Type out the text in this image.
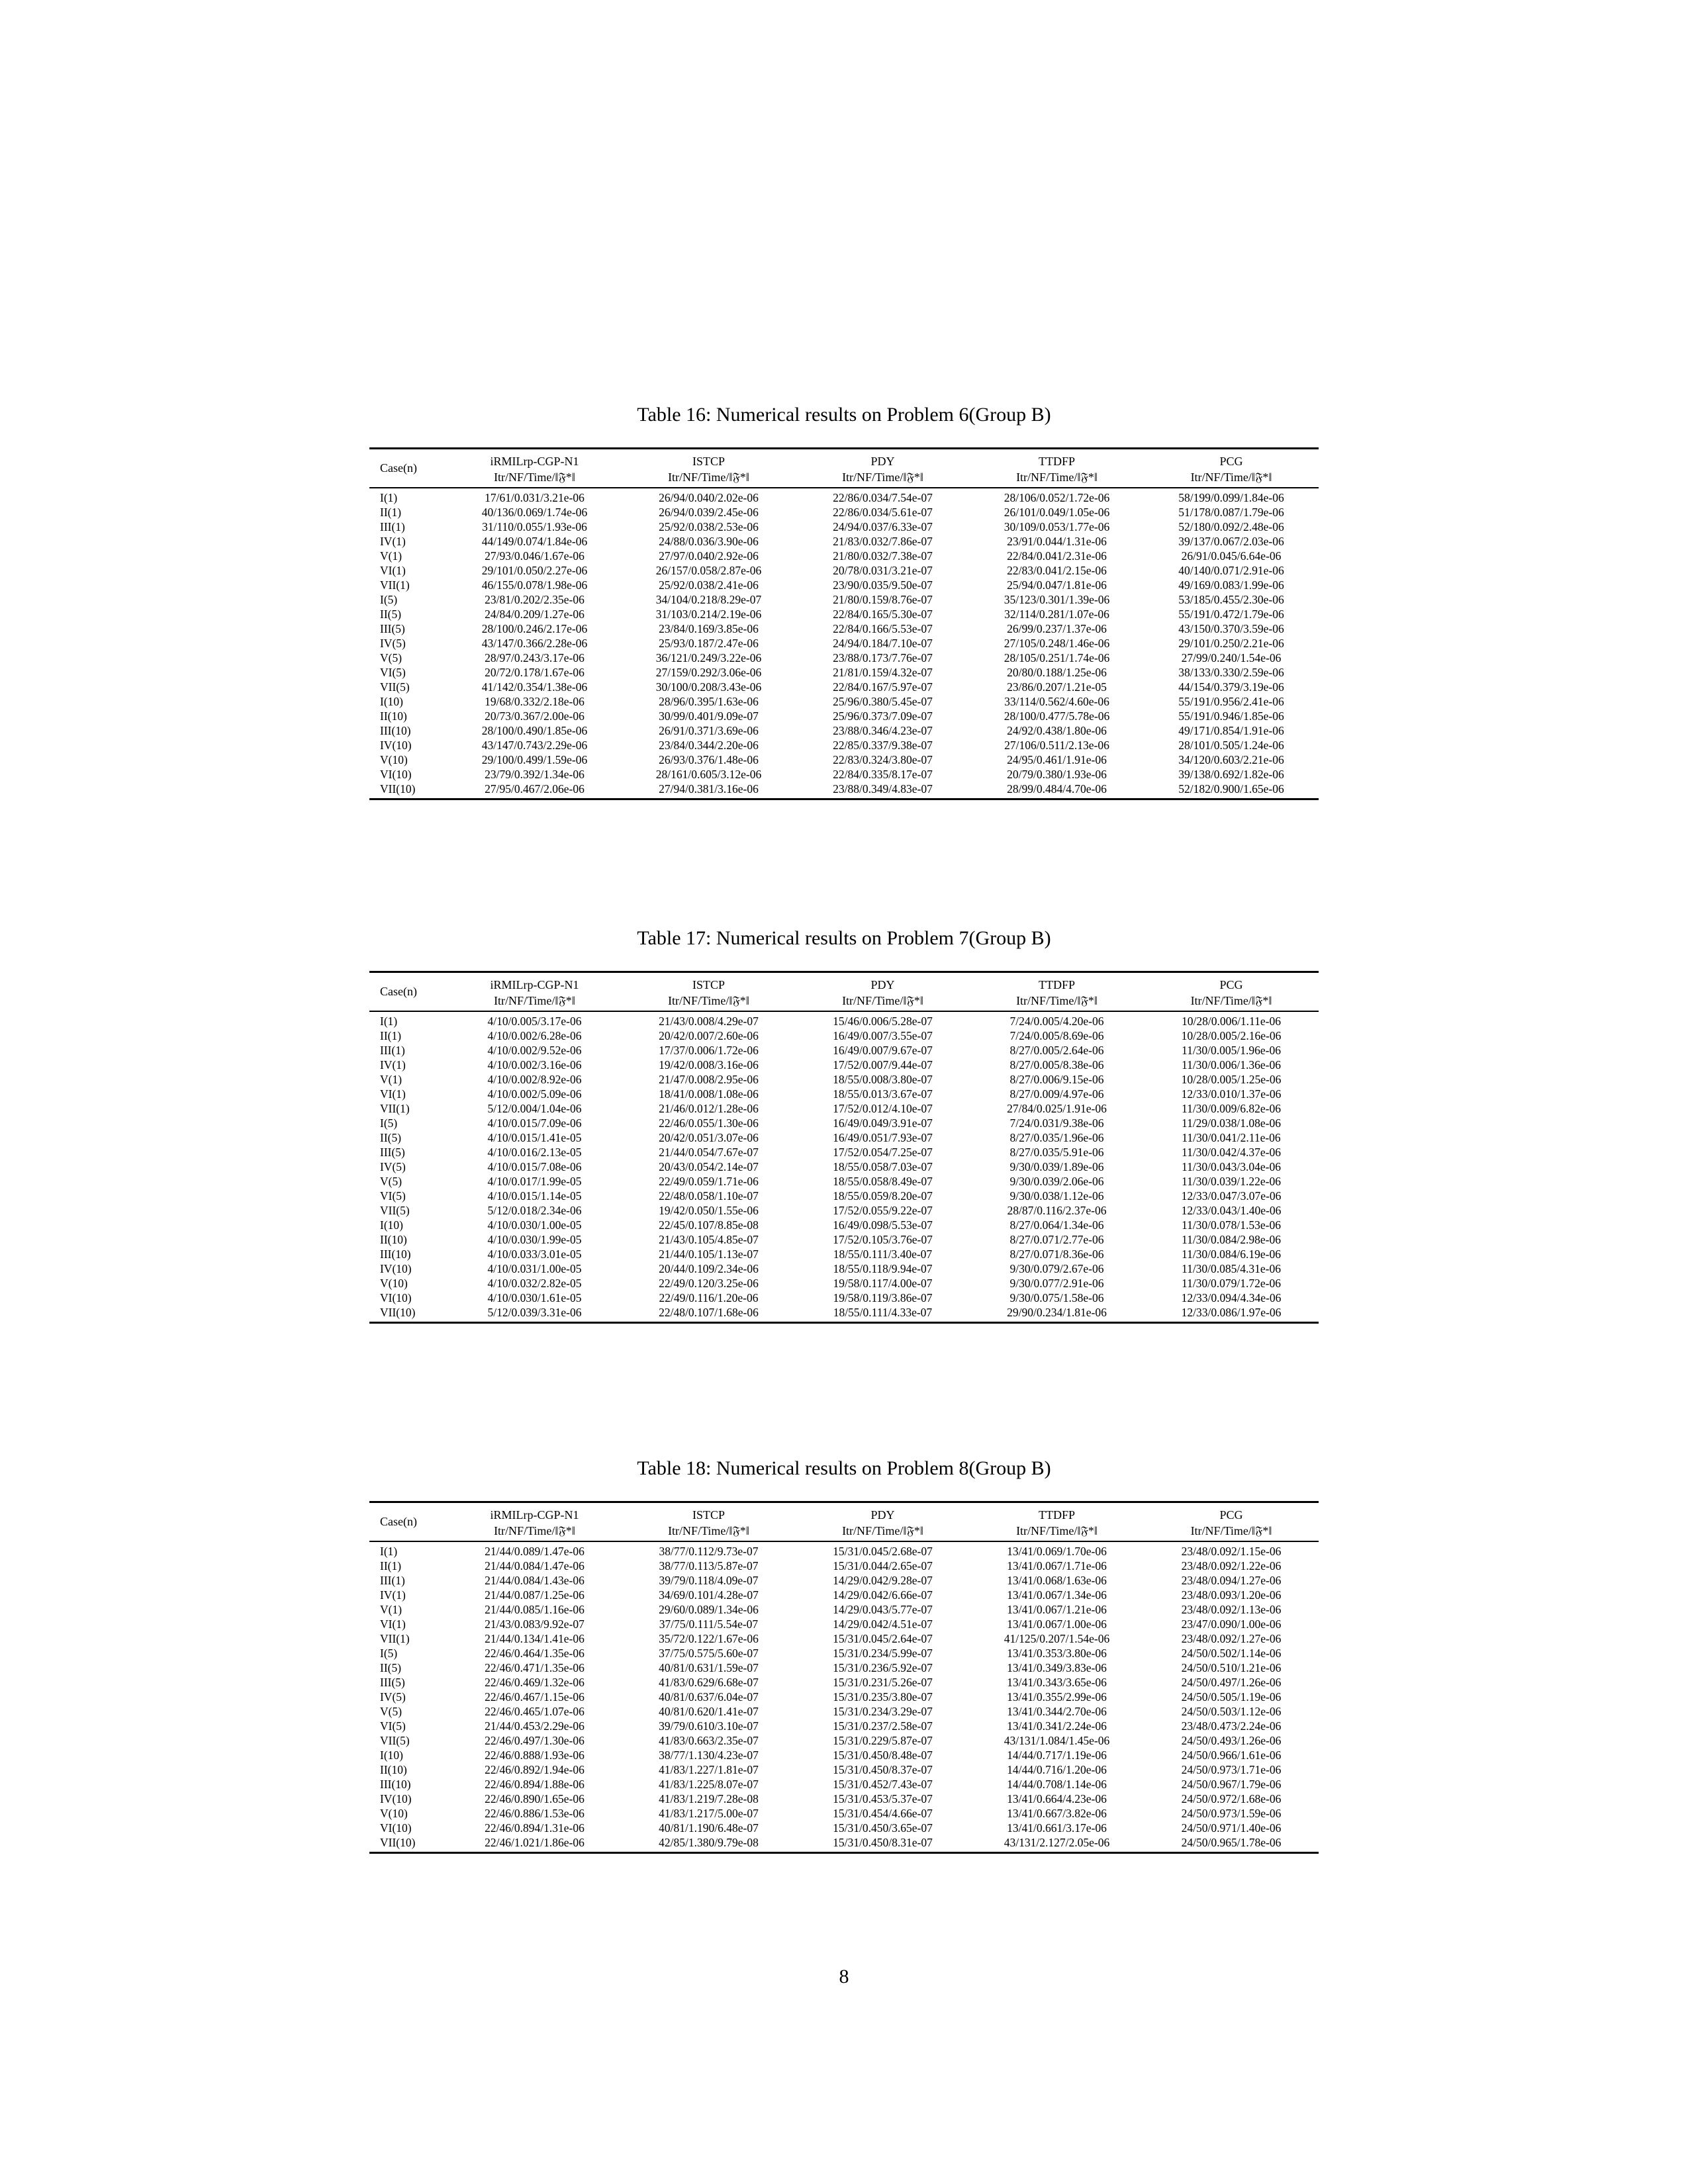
Table 16: Numerical results on Problem 6(Group B)
Case(n)	iRMILrp-CGP-N1	ISTCP	PDY	TTDFP	PCG
	Itr/NF/Time/‖𝔉*‖	Itr/NF/Time/‖𝔉*‖	Itr/NF/Time/‖𝔉*‖	Itr/NF/Time/‖𝔉*‖	Itr/NF/Time/‖𝔉*‖
I(1)	17/61/0.031/3.21e-06	26/94/0.040/2.02e-06	22/86/0.034/7.54e-07	28/106/0.052/1.72e-06	58/199/0.099/1.84e-06
II(1)	40/136/0.069/1.74e-06	26/94/0.039/2.45e-06	22/86/0.034/5.61e-07	26/101/0.049/1.05e-06	51/178/0.087/1.79e-06
III(1)	31/110/0.055/1.93e-06	25/92/0.038/2.53e-06	24/94/0.037/6.33e-07	30/109/0.053/1.77e-06	52/180/0.092/2.48e-06
IV(1)	44/149/0.074/1.84e-06	24/88/0.036/3.90e-06	21/83/0.032/7.86e-07	23/91/0.044/1.31e-06	39/137/0.067/2.03e-06
V(1)	27/93/0.046/1.67e-06	27/97/0.040/2.92e-06	21/80/0.032/7.38e-07	22/84/0.041/2.31e-06	26/91/0.045/6.64e-06
VI(1)	29/101/0.050/2.27e-06	26/157/0.058/2.87e-06	20/78/0.031/3.21e-07	22/83/0.041/2.15e-06	40/140/0.071/2.91e-06
VII(1)	46/155/0.078/1.98e-06	25/92/0.038/2.41e-06	23/90/0.035/9.50e-07	25/94/0.047/1.81e-06	49/169/0.083/1.99e-06
I(5)	23/81/0.202/2.35e-06	34/104/0.218/8.29e-07	21/80/0.159/8.76e-07	35/123/0.301/1.39e-06	53/185/0.455/2.30e-06
II(5)	24/84/0.209/1.27e-06	31/103/0.214/2.19e-06	22/84/0.165/5.30e-07	32/114/0.281/1.07e-06	55/191/0.472/1.79e-06
III(5)	28/100/0.246/2.17e-06	23/84/0.169/3.85e-06	22/84/0.166/5.53e-07	26/99/0.237/1.37e-06	43/150/0.370/3.59e-06
IV(5)	43/147/0.366/2.28e-06	25/93/0.187/2.47e-06	24/94/0.184/7.10e-07	27/105/0.248/1.46e-06	29/101/0.250/2.21e-06
V(5)	28/97/0.243/3.17e-06	36/121/0.249/3.22e-06	23/88/0.173/7.76e-07	28/105/0.251/1.74e-06	27/99/0.240/1.54e-06
VI(5)	20/72/0.178/1.67e-06	27/159/0.292/3.06e-06	21/81/0.159/4.32e-07	20/80/0.188/1.25e-06	38/133/0.330/2.59e-06
VII(5)	41/142/0.354/1.38e-06	30/100/0.208/3.43e-06	22/84/0.167/5.97e-07	23/86/0.207/1.21e-05	44/154/0.379/3.19e-06
I(10)	19/68/0.332/2.18e-06	28/96/0.395/1.63e-06	25/96/0.380/5.45e-07	33/114/0.562/4.60e-06	55/191/0.956/2.41e-06
II(10)	20/73/0.367/2.00e-06	30/99/0.401/9.09e-07	25/96/0.373/7.09e-07	28/100/0.477/5.78e-06	55/191/0.946/1.85e-06
III(10)	28/100/0.490/1.85e-06	26/91/0.371/3.69e-06	23/88/0.346/4.23e-07	24/92/0.438/1.80e-06	49/171/0.854/1.91e-06
IV(10)	43/147/0.743/2.29e-06	23/84/0.344/2.20e-06	22/85/0.337/9.38e-07	27/106/0.511/2.13e-06	28/101/0.505/1.24e-06
V(10)	29/100/0.499/1.59e-06	26/93/0.376/1.48e-06	22/83/0.324/3.80e-07	24/95/0.461/1.91e-06	34/120/0.603/2.21e-06
VI(10)	23/79/0.392/1.34e-06	28/161/0.605/3.12e-06	22/84/0.335/8.17e-07	20/79/0.380/1.93e-06	39/138/0.692/1.82e-06
VII(10)	27/95/0.467/2.06e-06	27/94/0.381/3.16e-06	23/88/0.349/4.83e-07	28/99/0.484/4.70e-06	52/182/0.900/1.65e-06
Table 17: Numerical results on Problem 7(Group B)
Case(n)	iRMILrp-CGP-N1	ISTCP	PDY	TTDFP	PCG
	Itr/NF/Time/‖𝔉*‖	Itr/NF/Time/‖𝔉*‖	Itr/NF/Time/‖𝔉*‖	Itr/NF/Time/‖𝔉*‖	Itr/NF/Time/‖𝔉*‖
I(1)	4/10/0.005/3.17e-06	21/43/0.008/4.29e-07	15/46/0.006/5.28e-07	7/24/0.005/4.20e-06	10/28/0.006/1.11e-06
II(1)	4/10/0.002/6.28e-06	20/42/0.007/2.60e-06	16/49/0.007/3.55e-07	7/24/0.005/8.69e-06	10/28/0.005/2.16e-06
III(1)	4/10/0.002/9.52e-06	17/37/0.006/1.72e-06	16/49/0.007/9.67e-07	8/27/0.005/2.64e-06	11/30/0.005/1.96e-06
IV(1)	4/10/0.002/3.16e-06	19/42/0.008/3.16e-06	17/52/0.007/9.44e-07	8/27/0.005/8.38e-06	11/30/0.006/1.36e-06
V(1)	4/10/0.002/8.92e-06	21/47/0.008/2.95e-06	18/55/0.008/3.80e-07	8/27/0.006/9.15e-06	10/28/0.005/1.25e-06
VI(1)	4/10/0.002/5.09e-06	18/41/0.008/1.08e-06	18/55/0.013/3.67e-07	8/27/0.009/4.97e-06	12/33/0.010/1.37e-06
VII(1)	5/12/0.004/1.04e-06	21/46/0.012/1.28e-06	17/52/0.012/4.10e-07	27/84/0.025/1.91e-06	11/30/0.009/6.82e-06
I(5)	4/10/0.015/7.09e-06	22/46/0.055/1.30e-06	16/49/0.049/3.91e-07	7/24/0.031/9.38e-06	11/29/0.038/1.08e-06
II(5)	4/10/0.015/1.41e-05	20/42/0.051/3.07e-06	16/49/0.051/7.93e-07	8/27/0.035/1.96e-06	11/30/0.041/2.11e-06
III(5)	4/10/0.016/2.13e-05	21/44/0.054/7.67e-07	17/52/0.054/7.25e-07	8/27/0.035/5.91e-06	11/30/0.042/4.37e-06
IV(5)	4/10/0.015/7.08e-06	20/43/0.054/2.14e-07	18/55/0.058/7.03e-07	9/30/0.039/1.89e-06	11/30/0.043/3.04e-06
V(5)	4/10/0.017/1.99e-05	22/49/0.059/1.71e-06	18/55/0.058/8.49e-07	9/30/0.039/2.06e-06	11/30/0.039/1.22e-06
VI(5)	4/10/0.015/1.14e-05	22/48/0.058/1.10e-07	18/55/0.059/8.20e-07	9/30/0.038/1.12e-06	12/33/0.047/3.07e-06
VII(5)	5/12/0.018/2.34e-06	19/42/0.050/1.55e-06	17/52/0.055/9.22e-07	28/87/0.116/2.37e-06	12/33/0.043/1.40e-06
I(10)	4/10/0.030/1.00e-05	22/45/0.107/8.85e-08	16/49/0.098/5.53e-07	8/27/0.064/1.34e-06	11/30/0.078/1.53e-06
II(10)	4/10/0.030/1.99e-05	21/43/0.105/4.85e-07	17/52/0.105/3.76e-07	8/27/0.071/2.77e-06	11/30/0.084/2.98e-06
III(10)	4/10/0.033/3.01e-05	21/44/0.105/1.13e-07	18/55/0.111/3.40e-07	8/27/0.071/8.36e-06	11/30/0.084/6.19e-06
IV(10)	4/10/0.031/1.00e-05	20/44/0.109/2.34e-06	18/55/0.118/9.94e-07	9/30/0.079/2.67e-06	11/30/0.085/4.31e-06
V(10)	4/10/0.032/2.82e-05	22/49/0.120/3.25e-06	19/58/0.117/4.00e-07	9/30/0.077/2.91e-06	11/30/0.079/1.72e-06
VI(10)	4/10/0.030/1.61e-05	22/49/0.116/1.20e-06	19/58/0.119/3.86e-07	9/30/0.075/1.58e-06	12/33/0.094/4.34e-06
VII(10)	5/12/0.039/3.31e-06	22/48/0.107/1.68e-06	18/55/0.111/4.33e-07	29/90/0.234/1.81e-06	12/33/0.086/1.97e-06
Table 18: Numerical results on Problem 8(Group B)
Case(n)	iRMILrp-CGP-N1	ISTCP	PDY	TTDFP	PCG
	Itr/NF/Time/‖𝔉*‖	Itr/NF/Time/‖𝔉*‖	Itr/NF/Time/‖𝔉*‖	Itr/NF/Time/‖𝔉*‖	Itr/NF/Time/‖𝔉*‖
I(1)	21/44/0.089/1.47e-06	38/77/0.112/9.73e-07	15/31/0.045/2.68e-07	13/41/0.069/1.70e-06	23/48/0.092/1.15e-06
II(1)	21/44/0.084/1.47e-06	38/77/0.113/5.87e-07	15/31/0.044/2.65e-07	13/41/0.067/1.71e-06	23/48/0.092/1.22e-06
III(1)	21/44/0.084/1.43e-06	39/79/0.118/4.09e-07	14/29/0.042/9.28e-07	13/41/0.068/1.63e-06	23/48/0.094/1.27e-06
IV(1)	21/44/0.087/1.25e-06	34/69/0.101/4.28e-07	14/29/0.042/6.66e-07	13/41/0.067/1.34e-06	23/48/0.093/1.20e-06
V(1)	21/44/0.085/1.16e-06	29/60/0.089/1.34e-06	14/29/0.043/5.77e-07	13/41/0.067/1.21e-06	23/48/0.092/1.13e-06
VI(1)	21/43/0.083/9.92e-07	37/75/0.111/5.54e-07	14/29/0.042/4.51e-07	13/41/0.067/1.00e-06	23/47/0.090/1.00e-06
VII(1)	21/44/0.134/1.41e-06	35/72/0.122/1.67e-06	15/31/0.045/2.64e-07	41/125/0.207/1.54e-06	23/48/0.092/1.27e-06
I(5)	22/46/0.464/1.35e-06	37/75/0.575/5.60e-07	15/31/0.234/5.99e-07	13/41/0.353/3.80e-06	24/50/0.502/1.14e-06
II(5)	22/46/0.471/1.35e-06	40/81/0.631/1.59e-07	15/31/0.236/5.92e-07	13/41/0.349/3.83e-06	24/50/0.510/1.21e-06
III(5)	22/46/0.469/1.32e-06	41/83/0.629/6.68e-07	15/31/0.231/5.26e-07	13/41/0.343/3.65e-06	24/50/0.497/1.26e-06
IV(5)	22/46/0.467/1.15e-06	40/81/0.637/6.04e-07	15/31/0.235/3.80e-07	13/41/0.355/2.99e-06	24/50/0.505/1.19e-06
V(5)	22/46/0.465/1.07e-06	40/81/0.620/1.41e-07	15/31/0.234/3.29e-07	13/41/0.344/2.70e-06	24/50/0.503/1.12e-06
VI(5)	21/44/0.453/2.29e-06	39/79/0.610/3.10e-07	15/31/0.237/2.58e-07	13/41/0.341/2.24e-06	23/48/0.473/2.24e-06
VII(5)	22/46/0.497/1.30e-06	41/83/0.663/2.35e-07	15/31/0.229/5.87e-07	43/131/1.084/1.45e-06	24/50/0.493/1.26e-06
I(10)	22/46/0.888/1.93e-06	38/77/1.130/4.23e-07	15/31/0.450/8.48e-07	14/44/0.717/1.19e-06	24/50/0.966/1.61e-06
II(10)	22/46/0.892/1.94e-06	41/83/1.227/1.81e-07	15/31/0.450/8.37e-07	14/44/0.716/1.20e-06	24/50/0.973/1.71e-06
III(10)	22/46/0.894/1.88e-06	41/83/1.225/8.07e-07	15/31/0.452/7.43e-07	14/44/0.708/1.14e-06	24/50/0.967/1.79e-06
IV(10)	22/46/0.890/1.65e-06	41/83/1.219/7.28e-08	15/31/0.453/5.37e-07	13/41/0.664/4.23e-06	24/50/0.972/1.68e-06
V(10)	22/46/0.886/1.53e-06	41/83/1.217/5.00e-07	15/31/0.454/4.66e-07	13/41/0.667/3.82e-06	24/50/0.973/1.59e-06
VI(10)	22/46/0.894/1.31e-06	40/81/1.190/6.48e-07	15/31/0.450/3.65e-07	13/41/0.661/3.17e-06	24/50/0.971/1.40e-06
VII(10)	22/46/1.021/1.86e-06	42/85/1.380/9.79e-08	15/31/0.450/8.31e-07	43/131/2.127/2.05e-06	24/50/0.965/1.78e-06
8
